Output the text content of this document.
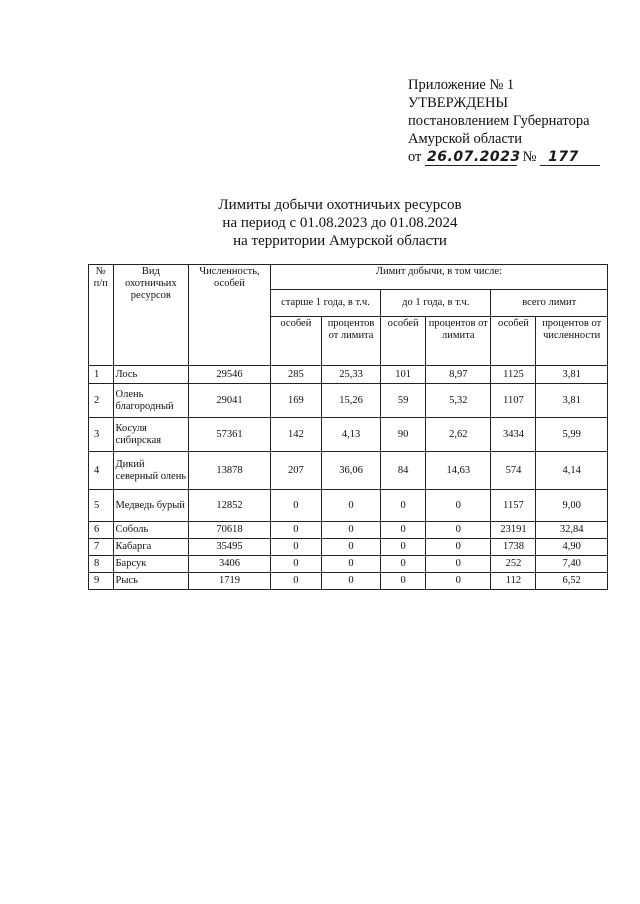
Приложение № 1
УТВЕРЖДЕНЫ
постановлением Губернатора
Амурской области
от 26.07.2023 № 177
Лимиты добычи охотничьих ресурсов
на период с 01.08.2023 до 01.08.2024
на территории Амурской области
№ п/п	Вид охотничьих ресурсов	Численность, особей	Лимит добычи, в том числе:					
			старше 1 года, в т.ч.		до 1 года, в т.ч.		всего лимит	
			особей	процентов от лимита	особей	процентов от лимита	особей	процентов от численности
1	Лось	29546	285	25,33	101	8,97	1125	3,81
2	Олень благородный	29041	169	15,26	59	5,32	1107	3,81
3	Косуля сибирская	57361	142	4,13	90	2,62	3434	5,99
4	Дикий северный олень	13878	207	36,06	84	14,63	574	4,14
5	Медведь бурый	12852	0	0	0	0	1157	9,00
6	Соболь	70618	0	0	0	0	23191	32,84
7	Кабарга	35495	0	0	0	0	1738	4,90
8	Барсук	3406	0	0	0	0	252	7,40
9	Рысь	1719	0	0	0	0	112	6,52
